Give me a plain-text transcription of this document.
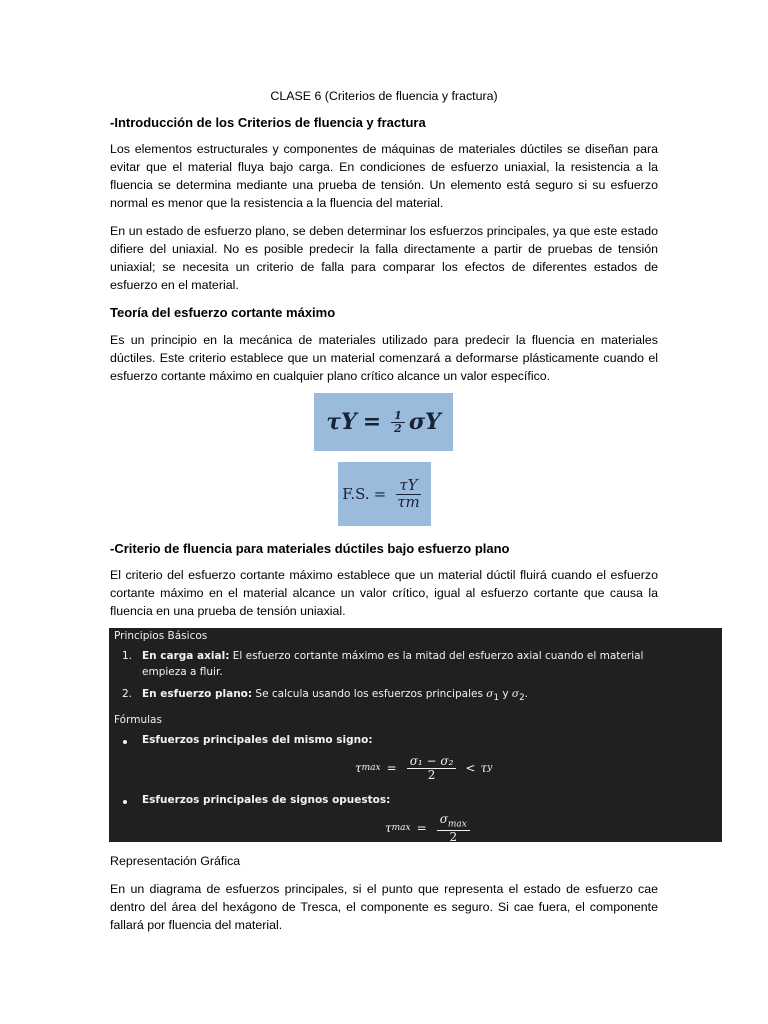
CLASE 6 (Criterios de fluencia y fractura)

-Introducción de los Criterios de fluencia y fractura

Los elementos estructurales y componentes de máquinas de materiales dúctiles se diseñan para evitar que el material fluya bajo carga. En condiciones de esfuerzo uniaxial, la resistencia a la fluencia se determina mediante una prueba de tensión. Un elemento está seguro si su esfuerzo normal es menor que la resistencia a la fluencia del material.

En un estado de esfuerzo plano, se deben determinar los esfuerzos principales, ya que este estado difiere del uniaxial. No es posible predecir la falla directamente a partir de pruebas de tensión uniaxial; se necesita un criterio de falla para comparar los efectos de diferentes estados de esfuerzo en el material.

Teoría del esfuerzo cortante máximo

Es un principio en la mecánica de materiales utilizado para predecir la fluencia en materiales dúctiles. Este criterio establece que un material comenzará a deformarse plásticamente cuando el esfuerzo cortante máximo en cualquier plano crítico alcance un valor específico.

$\tau Y = \frac{1}{2}$ σY
F.S. = $\frac{\tau Y}{\tau m}$

-Criterio de fluencia para materiales dúctiles bajo esfuerzo plano

El criterio del esfuerzo cortante máximo establece que un material dúctil fluirá cuando el esfuerzo cortante máximo en el material alcance un valor crítico, igual al esfuerzo cortante que causa la fluencia en una prueba de tensión uniaxial.

Principios Básicos
1. En carga axial: El esfuerzo cortante máximo es la mitad del esfuerzo axial cuando el material
empieza a fluir.
2. En esfuerzo plano: Se calcula usando los esfuerzos principales $\sigma_1$ y $\sigma_2$.
Fórmulas
Esfuerzos principales del mismo signo:
τ $\max = \frac{\text{σ₁ − σ₂}}{2} < \tau$ y
Esfuerzos principales de signos opuestos:
τ $\max = \frac{\sigma_{max}}{2}$

Representación Gráfica

En un diagrama de esfuerzos principales, si el punto que representa el estado de esfuerzo cae dentro del área del hexágono de Tresca, el componente es seguro. Si cae fuera, el componente fallará por fluencia del material.
